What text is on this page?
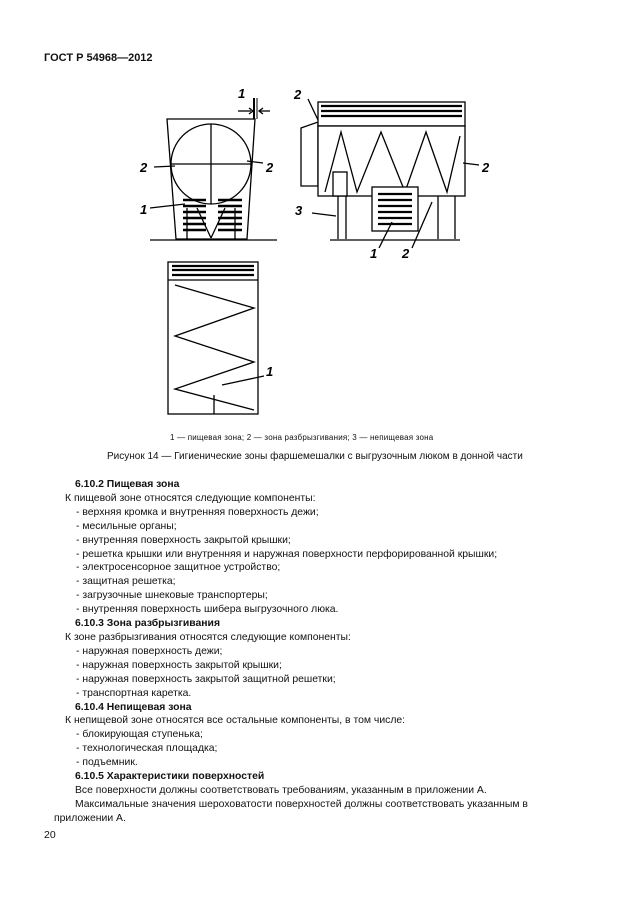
ГОСТ Р 54968—2012
1
2	2
1
2
2
3
1 2
1
1 — пищевая зона; 2 — зона разбрызгивания; 3 — непищевая зона
Рисунок 14 — Гигиенические зоны фаршемешалки с выгрузочным люком в донной части
6.10.2 Пищевая зона
К пищевой зоне относятся следующие компоненты:
- верхняя кромка и внутренняя поверхность дежи;
- месильные органы;
- внутренняя поверхность закрытой крышки;
- решетка крышки или внутренняя и наружная поверхности перфорированной крышки;
- электросенсорное защитное устройство;
- защитная решетка;
- загрузочные шнековые транспортеры;
- внутренняя поверхность шибера выгрузочного люка.
6.10.3 Зона разбрызгивания
К зоне разбрызгивания относятся следующие компоненты:
- наружная поверхность дежи;
- наружная поверхность закрытой крышки;
- наружная поверхность закрытой защитной решетки;
- транспортная каретка.
6.10.4 Непищевая зона
К непищевой зоне относятся все остальные компоненты, в том числе:
- блокирующая ступенька;
- технологическая площадка;
- подъемник.
6.10.5 Характеристики поверхностей
Все поверхности должны соответствовать требованиям, указанным в приложении А.
Максимальные значения шероховатости поверхностей должны соответствовать указанным в
приложении А.
20
